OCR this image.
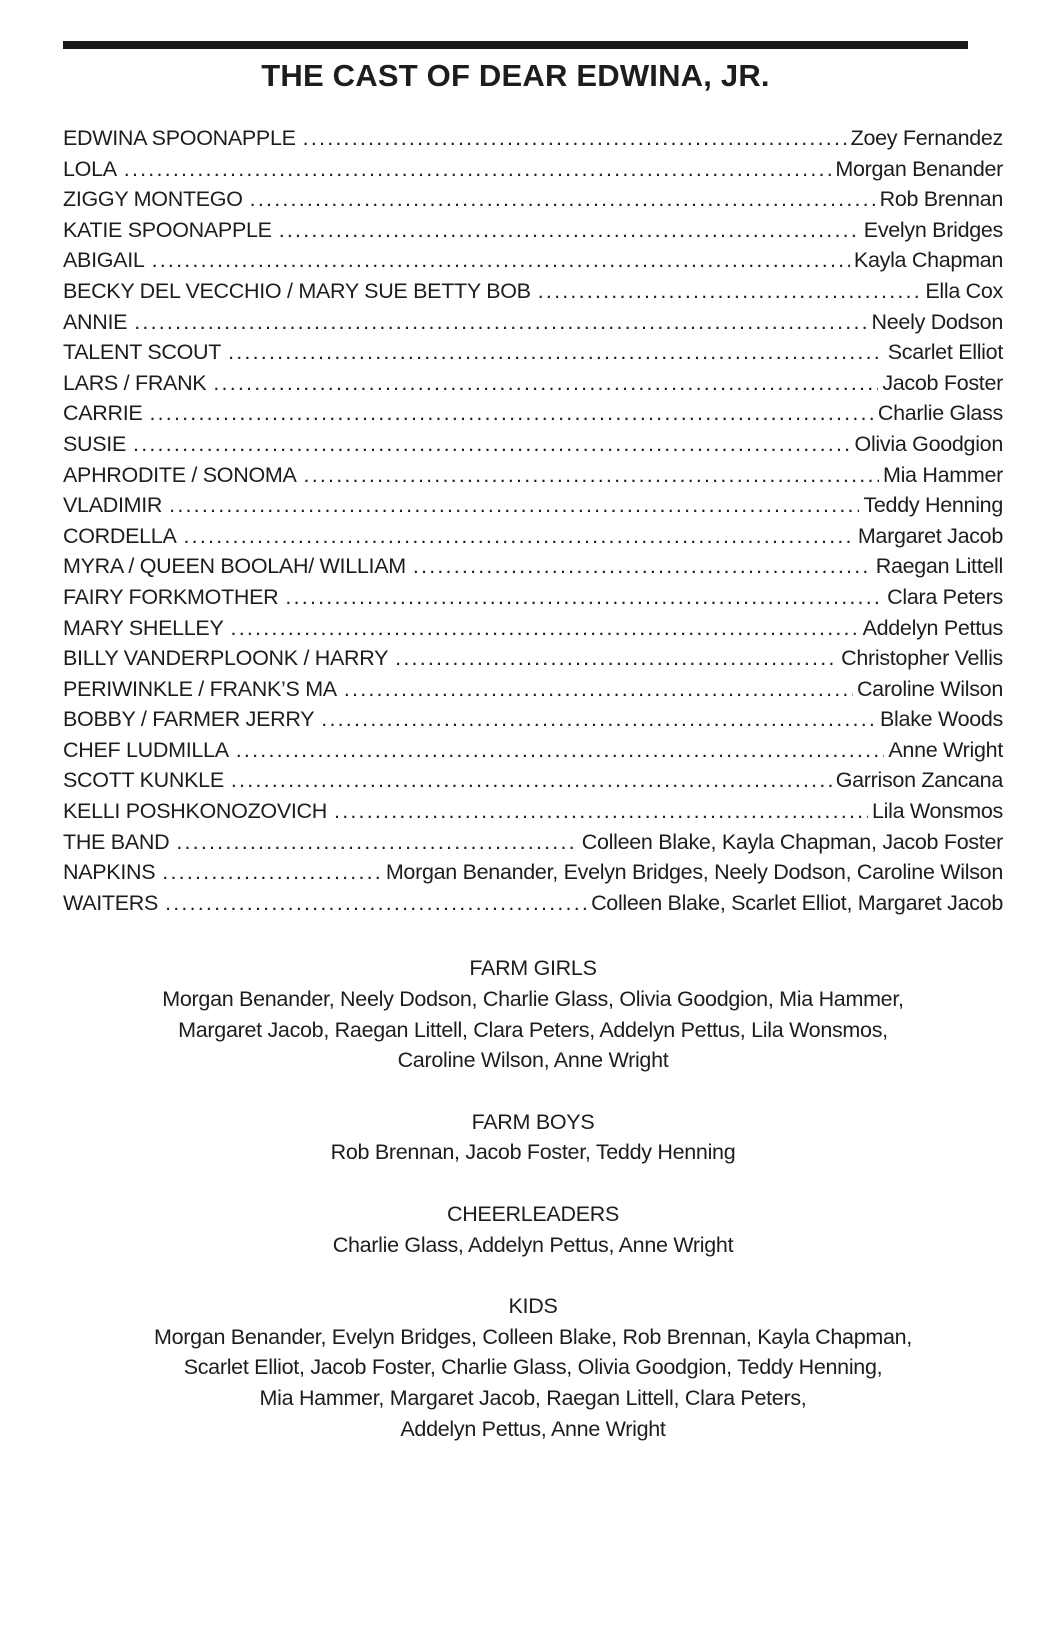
THE CAST OF DEAR EDWINA, JR.
EDWINA SPOONAPPLE .....	Zoey Fernandez
LOLA .....	Morgan Benander
ZIGGY MONTEGO .....	Rob Brennan
KATIE SPOONAPPLE .....	Evelyn Bridges
ABIGAIL .....	Kayla Chapman
BECKY DEL VECCHIO / MARY SUE BETTY BOB .....	Ella Cox
ANNIE .....	Neely Dodson
TALENT SCOUT .....	Scarlet Elliot
LARS / FRANK .....	Jacob Foster
CARRIE .....	Charlie Glass
SUSIE .....	Olivia Goodgion
APHRODITE / SONOMA .....	Mia Hammer
VLADIMIR .....	Teddy Henning
CORDELLA .....	Margaret Jacob
MYRA / QUEEN BOOLAH/ WILLIAM .....	Raegan Littell
FAIRY FORKMOTHER .....	Clara Peters
MARY SHELLEY .....	Addelyn Pettus
BILLY VANDERPLOONK / HARRY .....	Christopher Vellis
PERIWINKLE / FRANK’S MA .....	Caroline Wilson
BOBBY / FARMER JERRY .....	Blake Woods
CHEF LUDMILLA .....	Anne Wright
SCOTT KUNKLE .....	Garrison Zancana
KELLI POSHKONOZOVICH .....	Lila Wonsmos
THE BAND .....	Colleen Blake, Kayla Chapman, Jacob Foster
NAPKINS .....	Morgan Benander, Evelyn Bridges, Neely Dodson, Caroline Wilson
WAITERS .....	Colleen Blake, Scarlet Elliot, Margaret Jacob
FARM GIRLS
Morgan Benander, Neely Dodson, Charlie Glass, Olivia Goodgion, Mia Hammer,
Margaret Jacob, Raegan Littell, Clara Peters, Addelyn Pettus, Lila Wonsmos,
Caroline Wilson, Anne Wright
FARM BOYS
Rob Brennan, Jacob Foster, Teddy Henning
CHEERLEADERS
Charlie Glass, Addelyn Pettus, Anne Wright
KIDS
Morgan Benander, Evelyn Bridges, Colleen Blake, Rob Brennan, Kayla Chapman,
Scarlet Elliot, Jacob Foster, Charlie Glass, Olivia Goodgion, Teddy Henning,
Mia Hammer, Margaret Jacob, Raegan Littell, Clara Peters,
Addelyn Pettus, Anne Wright
